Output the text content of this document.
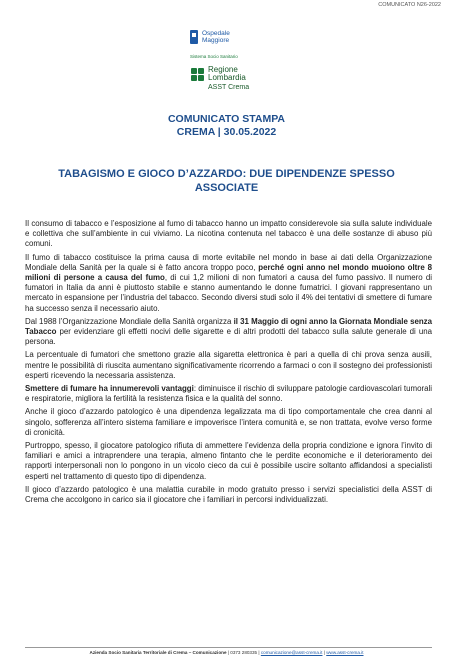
COMUNICATO N26-2022
Ospedale
Maggiore
Sistema Socio Sanitario
Regione
Lombardia
ASST Crema
COMUNICATO STAMPA
CREMA | 30.05.2022
TABAGISMO E GIOCO D’AZZARDO: DUE DIPENDENZE SPESSO ASSOCIATE

Il consumo di tabacco e l’esposizione al fumo di tabacco hanno un impatto considerevole sia sulla salute individuale e collettiva che sull’ambiente in cui viviamo. La nicotina contenuta nel tabacco è una delle sostanze di abuso più comuni.

Il fumo di tabacco costituisce la prima causa di morte evitabile nel mondo in base ai dati della Organizzazione Mondiale della Sanità per la quale si è fatto ancora troppo poco, perché ogni anno nel mondo muoiono oltre 8 milioni di persone a causa del fumo, di cui 1,2 milioni di non fumatori a causa del fumo passivo. Il numero di fumatori in Italia da anni è piuttosto stabile e stanno aumentando le donne fumatrici. I giovani rappresentano un mercato in espansione per l’industria del tabacco. Secondo diversi studi solo il 4% dei tentativi di smettere di fumare ha successo senza il necessario aiuto.

Dal 1988 l’Organizzazione Mondiale della Sanità organizza il 31 Maggio di ogni anno la Giornata Mondiale senza Tabacco per evidenziare gli effetti nocivi delle sigarette e di altri prodotti del tabacco sulla salute generale di una persona.

La percentuale di fumatori che smettono grazie alla sigaretta elettronica è pari a quella di chi prova senza ausili, mentre le possibilità di riuscita aumentano significativamente ricorrendo a farmaci o con il sostegno dei professionisti esperti ricevendo la necessaria assistenza.

Smettere di fumare ha innumerevoli vantaggi: diminuisce il rischio di sviluppare patologie cardiovascolari tumorali e respiratorie, migliora la fertilità la resistenza fisica e la qualità del sonno.

Anche il gioco d’azzardo patologico è una dipendenza legalizzata ma di tipo comportamentale che crea danni al singolo, sofferenza all’intero sistema familiare e impoverisce l’intera comunità e, se non trattata, evolve verso forme di cronicità.

Purtroppo, spesso, il giocatore patologico rifiuta di ammettere l’evidenza della propria condizione e ignora l’invito di familiari e amici a intraprendere una terapia, almeno fintanto che le perdite economiche e il deterioramento dei rapporti interpersonali non lo pongono in un vicolo cieco da cui è possibile uscire soltanto affidandosi a specialisti esperti nel trattamento di questo tipo di dipendenza.

Il gioco d’azzardo patologico è una malattia curabile in modo gratuito presso i servizi specialistici della ASST di Crema che accolgono in carico sia il giocatore che i familiari in percorsi individualizzati.

Azienda Socio Sanitaria Territoriale di Crema – Comunicazione | 0373 280335 | comunicazione@asst-crema.it | www.asst-crema.it
